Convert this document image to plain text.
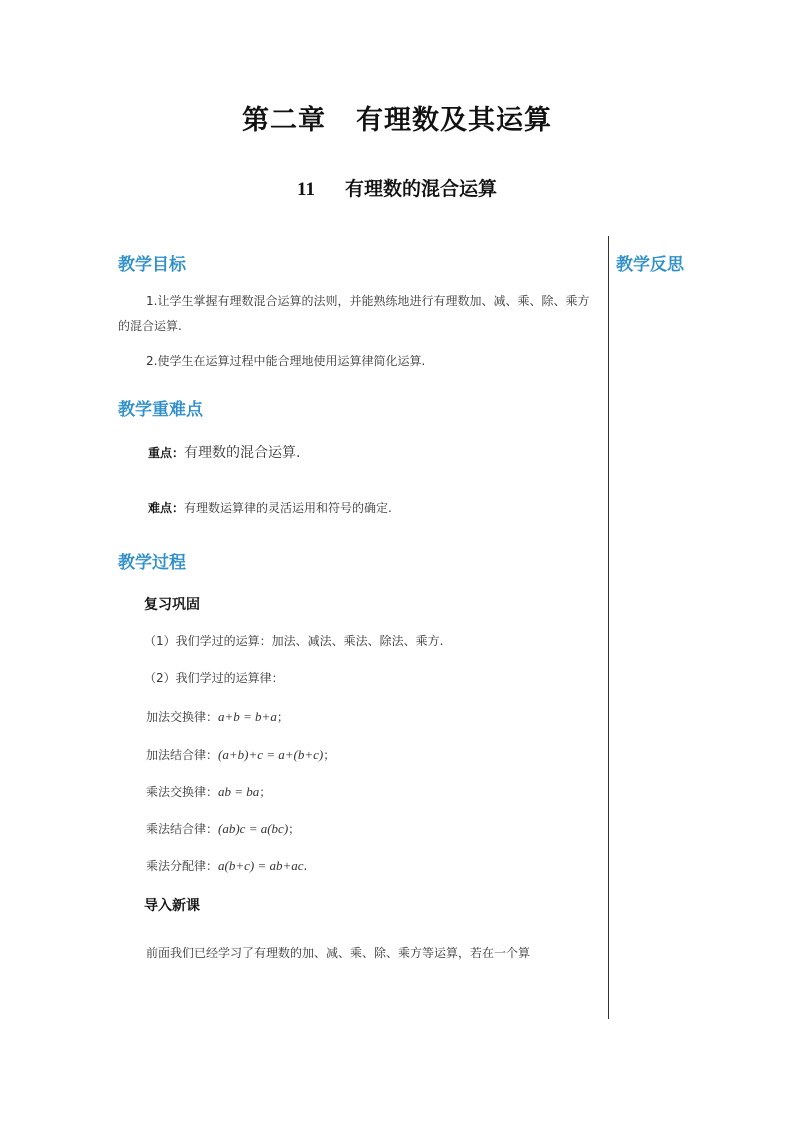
第二章 有理数及其运算
11 有理数的混合运算
教学反思
教学目标
1.让学生掌握有理数混合运算的法则，并能熟练地进行有理数加、减、乘、除、乘方的混合运算.
2.使学生在运算过程中能合理地使用运算律简化运算.
教学重难点
重点：有理数的混合运算.
难点：有理数运算律的灵活运用和符号的确定.
教学过程
复习巩固
（1）我们学过的运算：加法、减法、乘法、除法、乘方.
（2）我们学过的运算律：
加法交换律：a+b = b+a；
加法结合律：(a+b)+c = a+(b+c)；
乘法交换律：ab = ba；
乘法结合律：(ab)c = a(bc)；
乘法分配律：a(b+c) = ab+ac.
导入新课
前面我们已经学习了有理数的加、减、乘、除、乘方等运算，若在一个算
